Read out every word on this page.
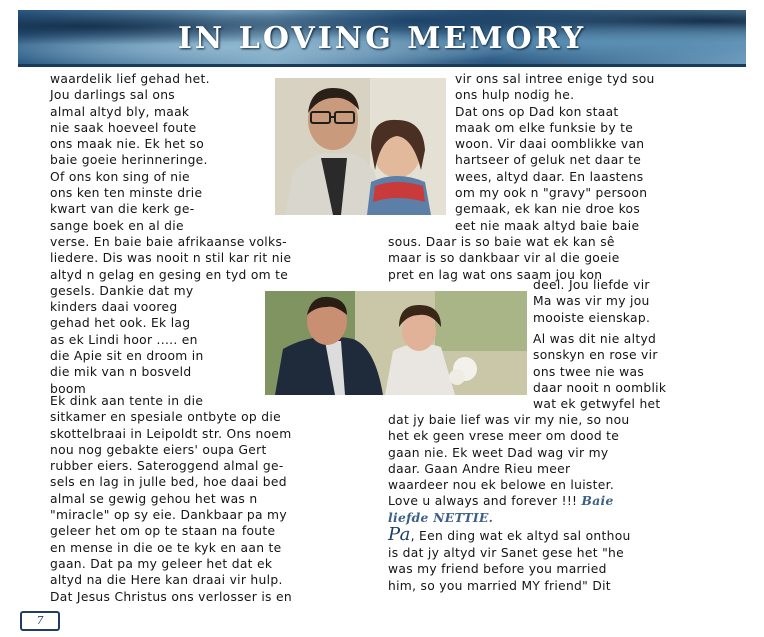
IN LOVING MEMORY
waardelik lief gehad het.
Jou darlings sal ons
almal altyd bly, maak
nie saak hoeveel foute
ons maak nie. Ek het so
baie goeie herinneringe.
Of ons kon sing of nie
ons ken ten minste drie
kwart van die kerk ge-
sange boek en al die
verse. En baie baie afrikaanse volks-
liedere. Dis was nooit n stil kar rit nie
altyd n gelag en gesing en tyd om te
gesels. Dankie dat my
kinders daai vooreg
gehad het ook. Ek lag
as ek Lindi hoor ..... en
die Apie sit en droom in
die mik van n bosveld
boom
Ek dink aan tente in die
sitkamer en spesiale ontbyte op die
skottelbraai in Leipoldt str. Ons noem
nou nog gebakte eiers' oupa Gert
rubber eiers. Sateroggend almal ge-
sels en lag in julle bed, hoe daai bed
almal se gewig gehou het was n
"miracle" op sy eie. Dankbaar pa my
geleer het om op te staan na foute
en mense in die oe te kyk en aan te
gaan. Dat pa my geleer het dat ek
altyd na die Here kan draai vir hulp.
Dat Jesus Christus ons verlosser is en
vir ons sal intree enige tyd sou
ons hulp nodig he.
Dat ons op Dad kon staat
maak om elke funksie by te
woon. Vir daai oomblikke van
hartseer of geluk net daar te
wees, altyd daar. En laastens
om my ook n "gravy" persoon
gemaak, ek kan nie droe kos
eet nie maak altyd baie baie
sous. Daar is so baie wat ek kan sê
maar is so dankbaar vir al die goeie
pret en lag wat ons saam jou kon
deel. Jou liefde vir
Ma was vir my jou
mooiste eienskap.
Al was dit nie altyd
sonskyn en rose vir
ons twee nie was
daar nooit n oomblik
wat ek getwyfel het
dat jy baie lief was vir my nie, so nou
het ek geen vrese meer om dood te
gaan nie. Ek weet Dad wag vir my
daar. Gaan Andre Rieu meer
waardeer nou ek belowe en luister.
Love u always and forever !!! Baie
liefde NETTIE.
Pa, Een ding wat ek altyd sal onthou
is dat jy altyd vir Sanet gese het "he
was my friend before you married
him, so you married MY friend" Dit
7
